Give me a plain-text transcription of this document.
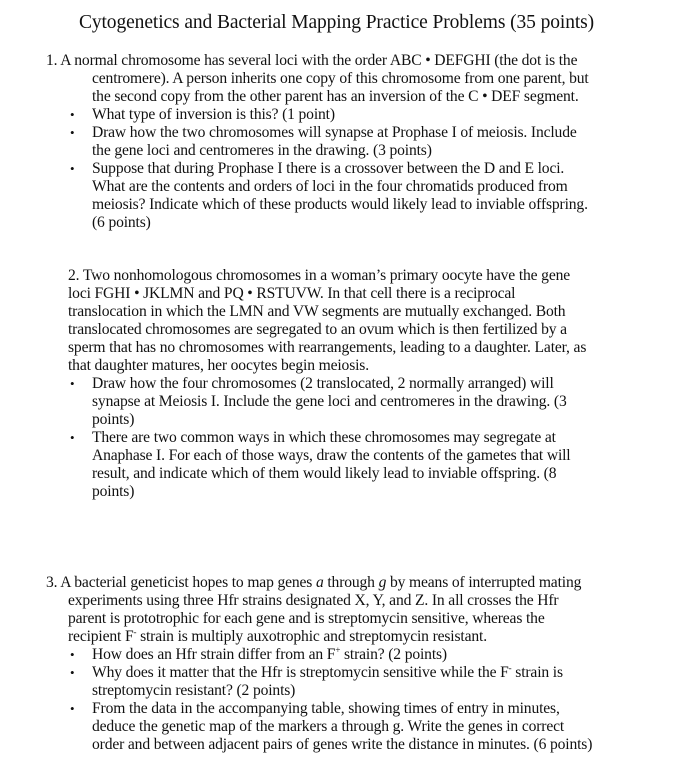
Cytogenetics and Bacterial Mapping Practice Problems (35 points)
1. A normal chromosome has several loci with the order ABC • DEFGHI (the dot is the
centromere). A person inherits one copy of this chromosome from one parent, but
the second copy from the other parent has an inversion of the C • DEF segment.
• What type of inversion is this? (1 point)
• Draw how the two chromosomes will synapse at Prophase I of meiosis. Include
the gene loci and centromeres in the drawing. (3 points)
• Suppose that during Prophase I there is a crossover between the D and E loci.
What are the contents and orders of loci in the four chromatids produced from
meiosis? Indicate which of these products would likely lead to inviable offspring.
(6 points)
2. Two nonhomologous chromosomes in a woman’s primary oocyte have the gene
loci FGHI • JKLMN and PQ • RSTUVW. In that cell there is a reciprocal
translocation in which the LMN and VW segments are mutually exchanged. Both
translocated chromosomes are segregated to an ovum which is then fertilized by a
sperm that has no chromosomes with rearrangements, leading to a daughter. Later, as
that daughter matures, her oocytes begin meiosis.
• Draw how the four chromosomes (2 translocated, 2 normally arranged) will
synapse at Meiosis I. Include the gene loci and centromeres in the drawing. (3
points)
• There are two common ways in which these chromosomes may segregate at
Anaphase I. For each of those ways, draw the contents of the gametes that will
result, and indicate which of them would likely lead to inviable offspring. (8
points)
3. A bacterial geneticist hopes to map genes a through g by means of interrupted mating
experiments using three Hfr strains designated X, Y, and Z. In all crosses the Hfr
parent is prototrophic for each gene and is streptomycin sensitive, whereas the
recipient F- strain is multiply auxotrophic and streptomycin resistant.
• How does an Hfr strain differ from an F+ strain? (2 points)
• Why does it matter that the Hfr is streptomycin sensitive while the F- strain is
streptomycin resistant? (2 points)
• From the data in the accompanying table, showing times of entry in minutes,
deduce the genetic map of the markers a through g. Write the genes in correct
order and between adjacent pairs of genes write the distance in minutes. (6 points)
